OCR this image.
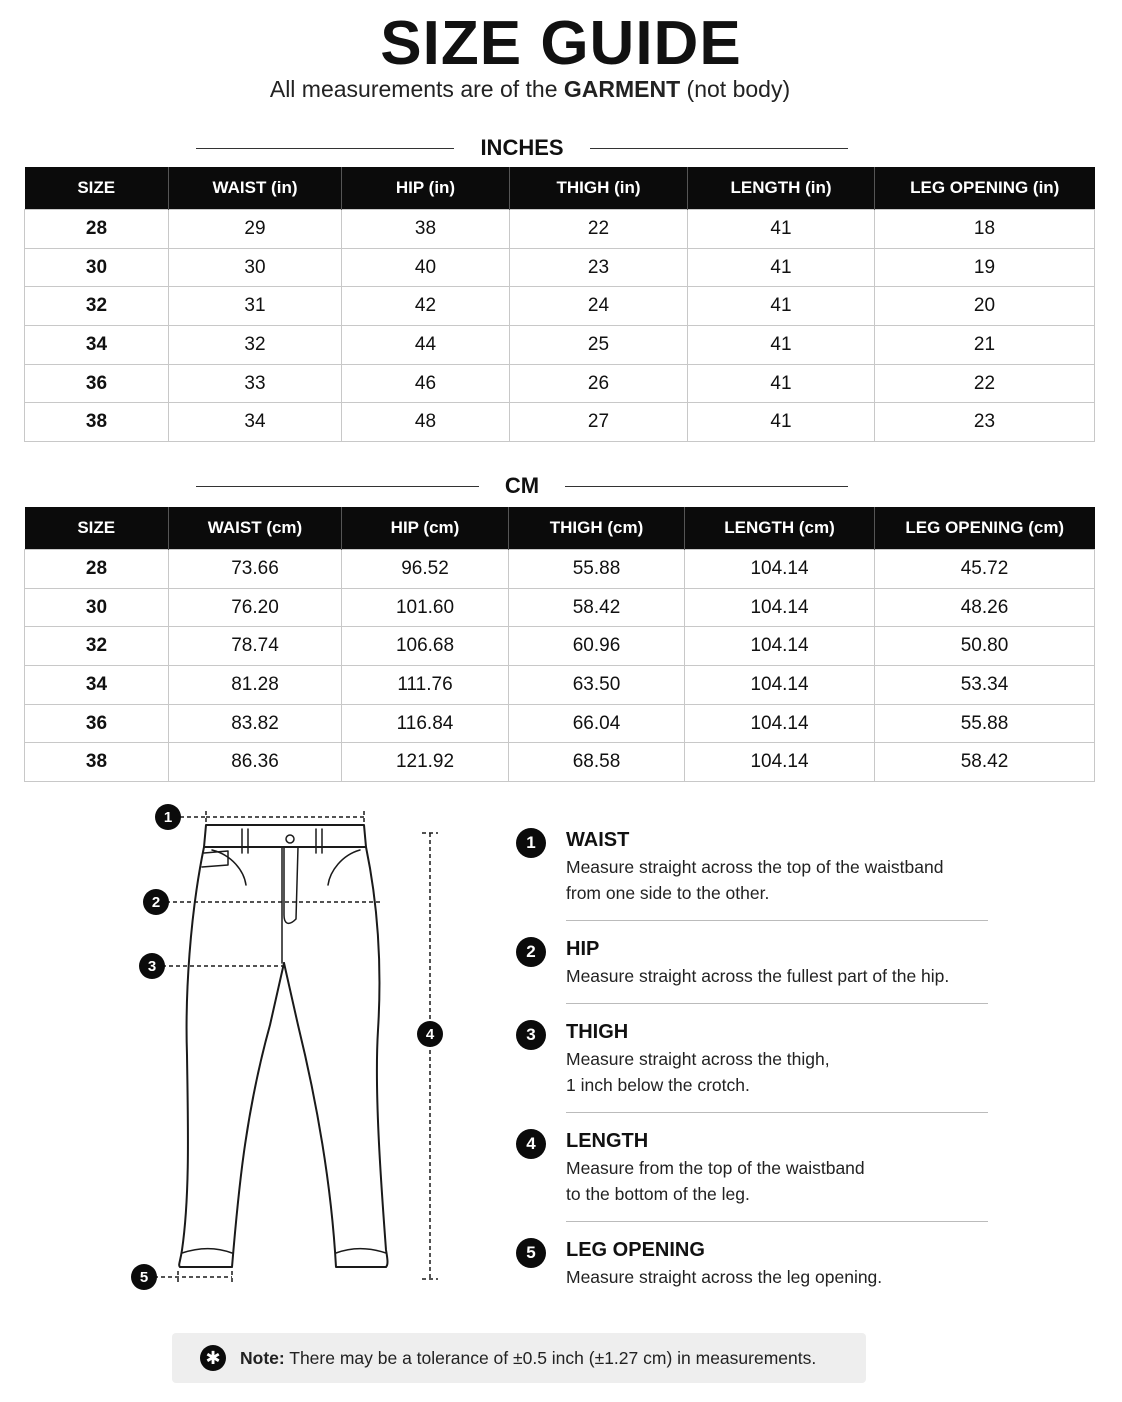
SIZE GUIDE
All measurements are of the GARMENT (not body)
INCHES
SIZE	WAIST (in)	HIP (in)	THIGH (in)	LENGTH (in)	LEG OPENING (in)
28	29	38	22	41	18
30	30	40	23	41	19
32	31	42	24	41	20
34	32	44	25	41	21
36	33	46	26	41	22
38	34	48	27	41	23
CM
SIZE	WAIST (cm)	HIP (cm)	THIGH (cm)	LENGTH (cm)	LEG OPENING (cm)
28	73.66	96.52	55.88	104.14	45.72
30	76.20	101.60	58.42	104.14	48.26
32	78.74	106.68	60.96	104.14	50.80
34	81.28	111.76	63.50	104.14	53.34
36	83.82	116.84	66.04	104.14	55.88
38	86.36	121.92	68.58	104.14	58.42
1
2
3
4
5
1	WAIST
Measure straight across the top of the waistband
from one side to the other.
2	HIP
Measure straight across the fullest part of the hip.
3	THIGH
Measure straight across the thigh,
1 inch below the crotch.
4	LENGTH
Measure from the top of the waistband
to the bottom of the leg.
5	LEG OPENING
Measure straight across the leg opening.
✱	Note: There may be a tolerance of ±0.5 inch (±1.27 cm) in measurements.
